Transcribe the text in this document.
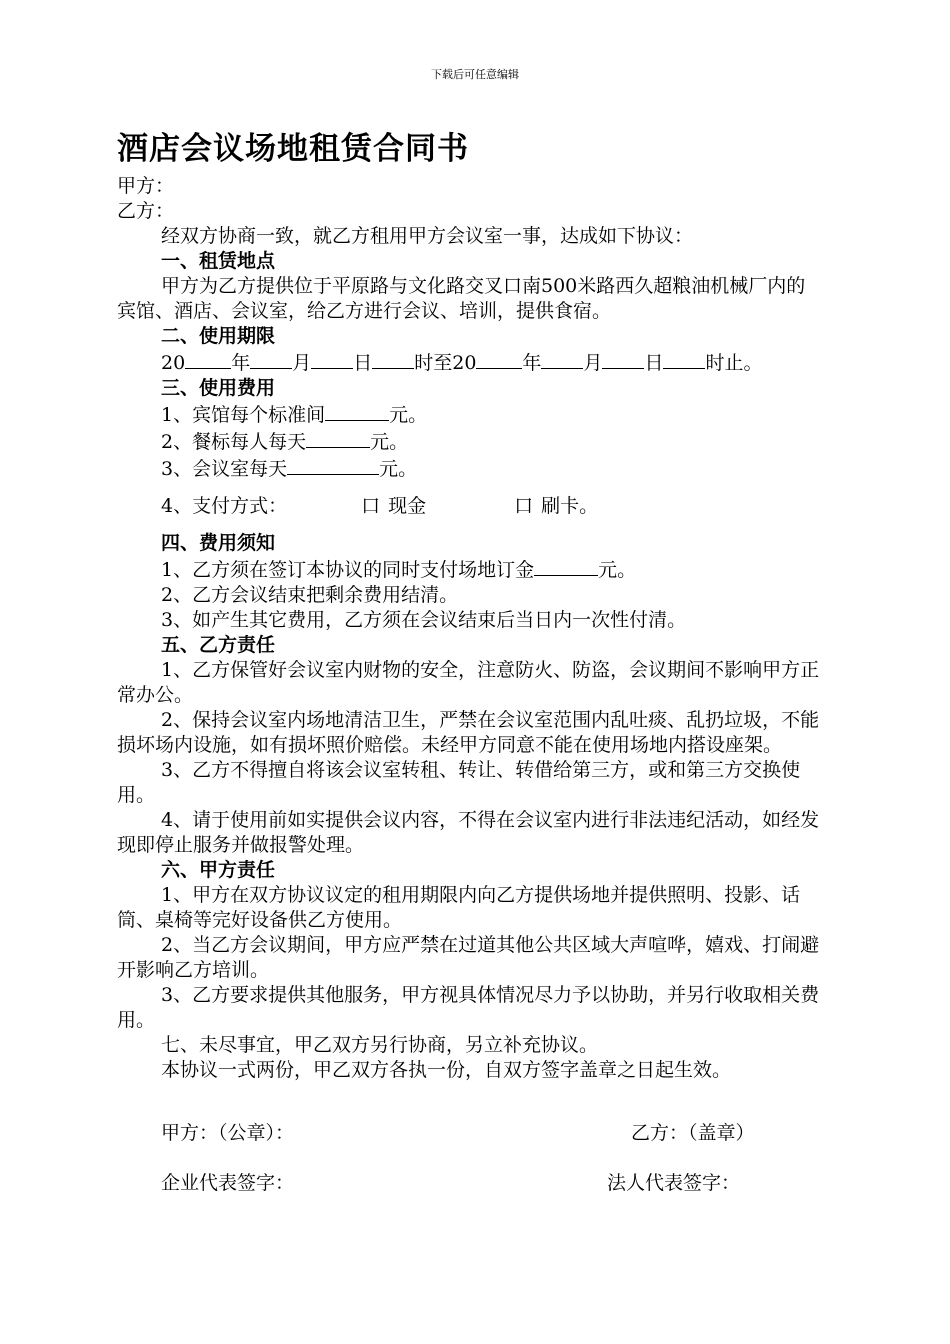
下载后可任意编辑
酒店会议场地租赁合同书

甲方：

乙方：

经双方协商一致，就乙方租用甲方会议室一事，达成如下协议：

一、租赁地点

甲方为乙方提供位于平原路与文化路交叉口南500米路西久超粮油机械厂内的宾馆、酒店、会议室，给乙方进行会议、培训，提供食宿。

二、使用期限

20 年 月 日 时至20 年 月 日 时止。

三、使用费用

1、宾馆每个标准间	元。

2、餐标每人每天	元。

3、会议室每天	元。

4、支付方式：	口 现金	口 刷卡。

四、费用须知

1、乙方须在签订本协议的同时支付场地订金	元。

2、乙方会议结束把剩余费用结清。

3、如产生其它费用，乙方须在会议结束后当日内一次性付清。

五、乙方责任

1、乙方保管好会议室内财物的安全，注意防火、防盗，会议期间不影响甲方正常办公。

2、保持会议室内场地清洁卫生，严禁在会议室范围内乱吐痰、乱扔垃圾，不能损坏场内设施，如有损坏照价赔偿。未经甲方同意不能在使用场地内搭设座架。

3、乙方不得擅自将该会议室转租、转让、转借给第三方，或和第三方交换使用。

4、请于使用前如实提供会议内容，不得在会议室内进行非法违纪活动，如经发现即停止服务并做报警处理。

六、甲方责任

1、甲方在双方协议议定的租用期限内向乙方提供场地并提供照明、投影、话筒、桌椅等完好设备供乙方使用。

2、当乙方会议期间，甲方应严禁在过道其他公共区域大声喧哗，嬉戏、打闹避开影响乙方培训。

3、乙方要求提供其他服务，甲方视具体情况尽力予以协助，并另行收取相关费用。

七、未尽事宜，甲乙双方另行协商，另立补充协议。

本协议一式两份，甲乙双方各执一份，自双方签字盖章之日起生效。

甲方：（公章）：	乙方：（盖章）
企业代表签字：	法人代表签字：
